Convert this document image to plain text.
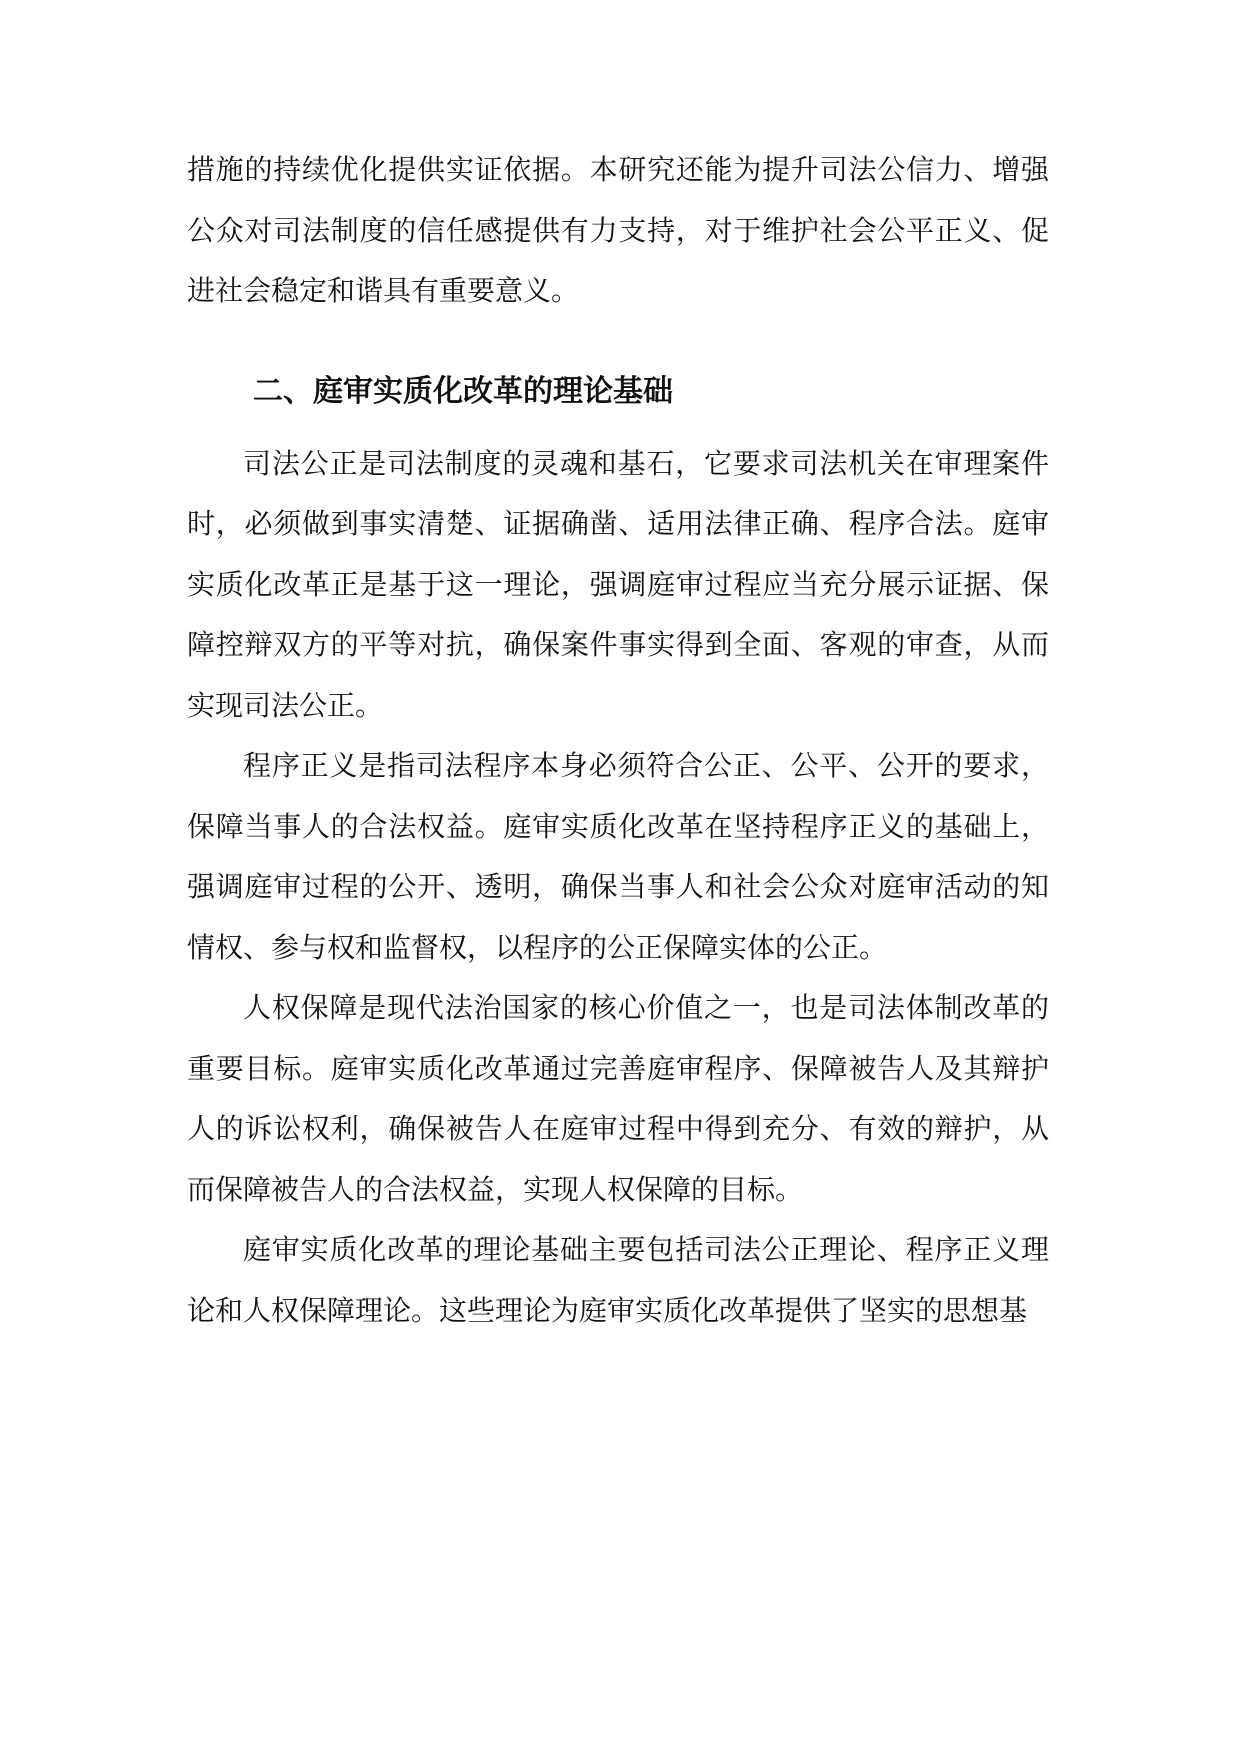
措施的持续优化提供实证依据。本研究还能为提升司法公信力、增强公众对司法制度的信任感提供有力支持，对于维护社会公平正义、促进社会稳定和谐具有重要意义。

二、庭审实质化改革的理论基础

司法公正是司法制度的灵魂和基石，它要求司法机关在审理案件时，必须做到事实清楚、证据确凿、适用法律正确、程序合法。庭审实质化改革正是基于这一理论，强调庭审过程应当充分展示证据、保障控辩双方的平等对抗，确保案件事实得到全面、客观的审查，从而实现司法公正。

程序正义是指司法程序本身必须符合公正、公平、公开的要求，保障当事人的合法权益。庭审实质化改革在坚持程序正义的基础上，强调庭审过程的公开、透明，确保当事人和社会公众对庭审活动的知情权、参与权和监督权，以程序的公正保障实体的公正。

人权保障是现代法治国家的核心价值之一，也是司法体制改革的重要目标。庭审实质化改革通过完善庭审程序、保障被告人及其辩护人的诉讼权利，确保被告人在庭审过程中得到充分、有效的辩护，从而保障被告人的合法权益，实现人权保障的目标。

庭审实质化改革的理论基础主要包括司法公正理论、程序正义理论和人权保障理论。这些理论为庭审实质化改革提供了坚实的思想基
